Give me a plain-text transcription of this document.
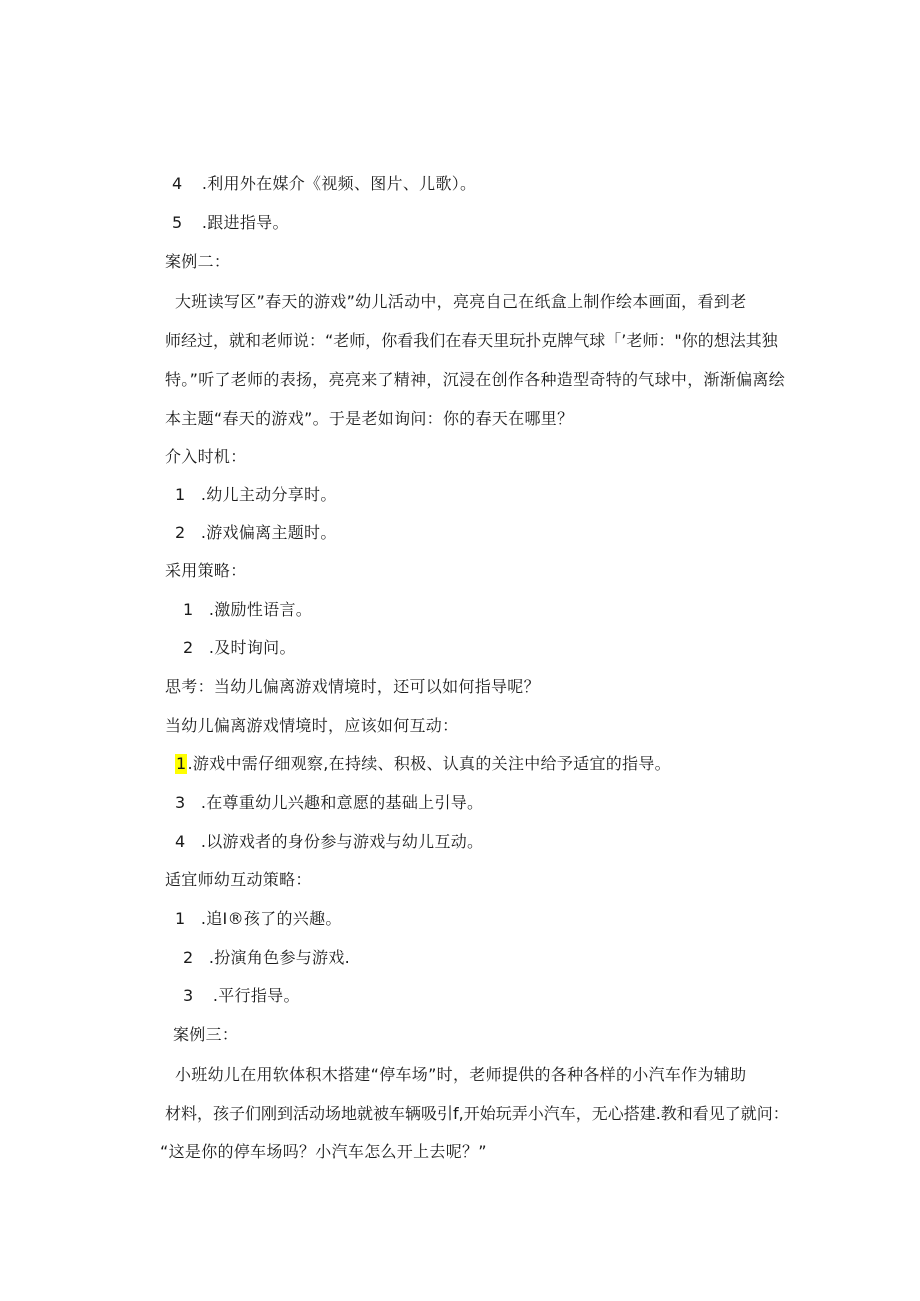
4 .利用外在媒介《视频、图片、儿歌）。
5 .跟进指导。
案例二：
大班读写区”春天的游戏”幼儿活动中，亮亮自己在纸盒上制作绘本画面，看到老
师经过，就和老师说：“老师，你看我们在春天里玩扑克牌气球「’老师："你的想法其独
特。”听了老师的表扬，亮亮来了精神，沉浸在创作各种造型奇特的气球中，渐渐偏离绘
本主题“春天的游戏”。于是老如询问：你的春天在哪里？
介入时机：
1 .幼儿主动分享时。
2 .游戏偏离主题时。
采用策略：
1 .激励性语言。
2 .及时询问。
思考：当幼儿偏离游戏情境时，还可以如何指导呢？
当幼儿偏离游戏情境时，应该如何互动：
1.游戏中需仔细观察,在持续、积极、认真的关注中给予适宜的指导。
3 .在尊重幼儿兴趣和意愿的基础上引导。
4 .以游戏者的身份参与游戏与幼儿互动。
适宜师幼互动策略：
1 .追I®孩了的兴趣。
2 .扮演角色参与游戏.
3 .平行指导。
案例三：
小班幼儿在用软体积木搭建“停车场”时，老师提供的各种各样的小汽车作为辅助
材料，孩子们刚到活动场地就被车辆吸引f,开始玩弄小汽车，无心搭建.教和看见了就问：
“这是你的停车场吗？小汽车怎么开上去呢？”
